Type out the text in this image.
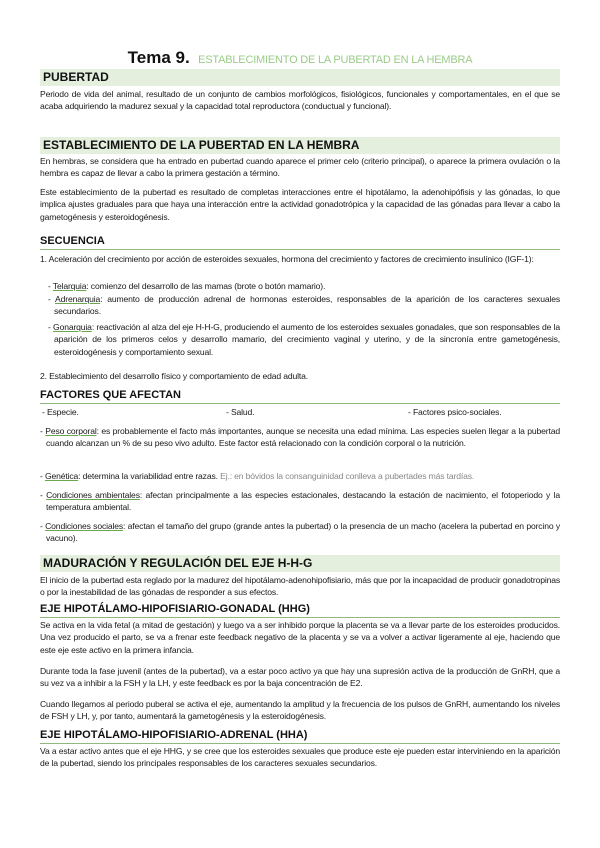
Tema 9. ESTABLECIMIENTO DE LA PUBERTAD EN LA HEMBRA
PUBERTAD
Periodo de vida del animal, resultado de un conjunto de cambios morfológicos, fisiológicos, funcionales y comportamentales, en el que se acaba adquiriendo la madurez sexual y la capacidad total reproductora (conductual y funcional).
ESTABLECIMIENTO DE LA PUBERTAD EN LA HEMBRA
En hembras, se considera que ha entrado en pubertad cuando aparece el primer celo (criterio principal), o aparece la primera ovulación o la hembra es capaz de llevar a cabo la primera gestación a término.
Este establecimiento de la pubertad es resultado de completas interacciones entre el hipotálamo, la adenohipófisis y las gónadas, lo que implica ajustes graduales para que haya una interacción entre la actividad gonadotrópica y la capacidad de las gónadas para llevar a cabo la gametogénesis y esteroidogénesis.
SECUENCIA
1. Aceleración del crecimiento por acción de esteroides sexuales, hormona del crecimiento y factores de crecimiento insulínico (IGF-1):
- Telarquia: comienzo del desarrollo de las mamas (brote o botón mamario).
- Adrenarquia: aumento de producción adrenal de hormonas esteroides, responsables de la aparición de los caracteres sexuales secundarios.
- Gonarquia: reactivación al alza del eje H-H-G, produciendo el aumento de los esteroides sexuales gonadales, que son responsables de la aparición de los primeros celos y desarrollo mamario, del crecimiento vaginal y uterino, y de la sincronía entre gametogénesis, esteroidogénesis y comportamiento sexual.
2. Establecimiento del desarrollo físico y comportamiento de edad adulta.
FACTORES QUE AFECTAN
- Especie.	- Salud.	- Factores psico-sociales.
- Peso corporal: es probablemente el facto más importantes, aunque se necesita una edad mínima. Las especies suelen llegar a la pubertad cuando alcanzan un % de su peso vivo adulto. Este factor está relacionado con la condición corporal o la nutrición.
- Genética: determina la variabilidad entre razas. Ej.: en bóvidos la consanguinidad conlleva a pubertades más tardías.
- Condiciones ambientales: afectan principalmente a las especies estacionales, destacando la estación de nacimiento, el fotoperiodo y la temperatura ambiental.
- Condiciones sociales: afectan el tamaño del grupo (grande antes la pubertad) o la presencia de un macho (acelera la pubertad en porcino y vacuno).
MADURACIÓN Y REGULACIÓN DEL EJE H-H-G
El inicio de la pubertad esta reglado por la madurez del hipotálamo-adenohipofisiario, más que por la incapacidad de producir gonadotropinas o por la inestabilidad de las gónadas de responder a sus efectos.
EJE HIPOTÁLAMO-HIPOFISIARIO-GONADAL (HHG)
Se activa en la vida fetal (a mitad de gestación) y luego va a ser inhibido porque la placenta se va a llevar parte de los esteroides producidos. Una vez producido el parto, se va a frenar este feedback negativo de la placenta y se va a volver a activar ligeramente al eje, haciendo que este eje este activo en la primera infancia.
Durante toda la fase juvenil (antes de la pubertad), va a estar poco activo ya que hay una supresión activa de la producción de GnRH, que a su vez va a inhibir a la FSH y la LH, y este feedback es por la baja concentración de E2.
Cuando llegamos al periodo puberal se activa el eje, aumentando la amplitud y la frecuencia de los pulsos de GnRH, aumentando los niveles de FSH y LH, y, por tanto, aumentará la gametogénesis y la esteroidogénesis.
EJE HIPOTÁLAMO-HIPOFISIARIO-ADRENAL (HHA)
Va a estar activo antes que el eje HHG, y se cree que los esteroides sexuales que produce este eje pueden estar interviniendo en la aparición de la pubertad, siendo los principales responsables de los caracteres sexuales secundarios.
